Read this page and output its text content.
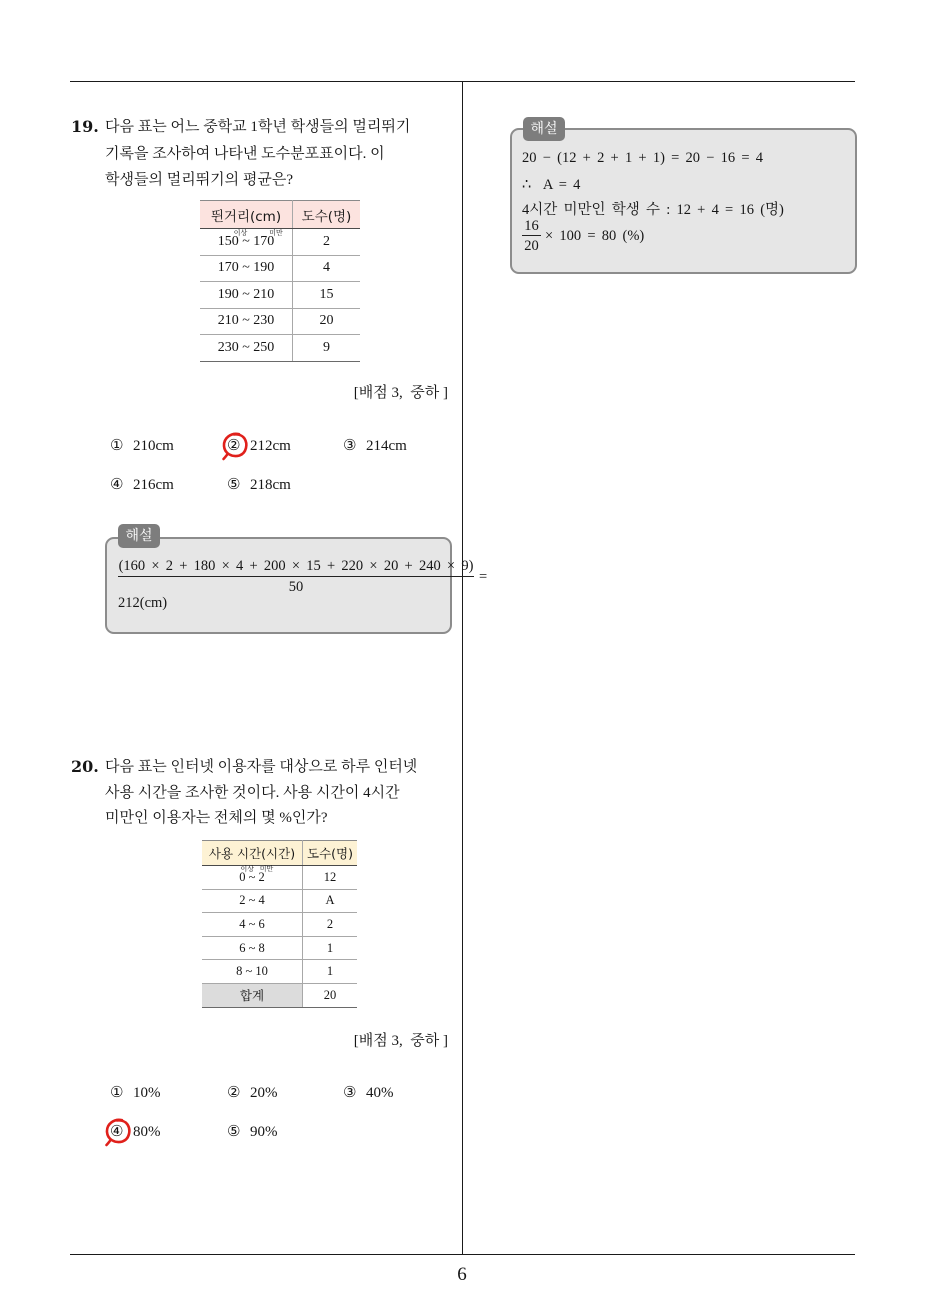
19. 다음 표는 어느 중학교 1학년 학생들의 멀리뛰기
기록을 조사하여 나타낸 도수분포표이다. 이
학생들의 멀리뛰기의 평균은?
뛴거리(cm)	도수(명)
150이상 ~ 170미만	2
170 ~ 190	4
190 ~ 210	15
210 ~ 230	20
230 ~ 250	9
[배점 3,  중하 ]
① 210cm	② 212cm	③ 214cm
④ 216cm	⑤ 218cm
해설
(160 × 2 + 180 × 4 + 200 × 15 + 220 × 20 + 240 × 9)
50
=
212(cm)
20. 다음 표는 인터넷 이용자를 대상으로 하루 인터넷
사용 시간을 조사한 것이다. 사용 시간이 4시간
미만인 이용자는 전체의 몇 %인가?
사용 시간(시간)	도수(명)
0이상 ~ 2미만	12
2 ~ 4	A
4 ~ 6	2
6 ~ 8	1
8 ~ 10	1
합계	20
[배점 3,  중하 ]
① 10%	② 20%	③ 40%
④ 80%	⑤ 90%
해설
20 − (12 + 2 + 1 + 1) = 20 − 16 = 4
∴  A = 4
4시간 미만인 학생 수 : 12 + 4 = 16 (명)
16
20
× 100 = 80 (%)
6
